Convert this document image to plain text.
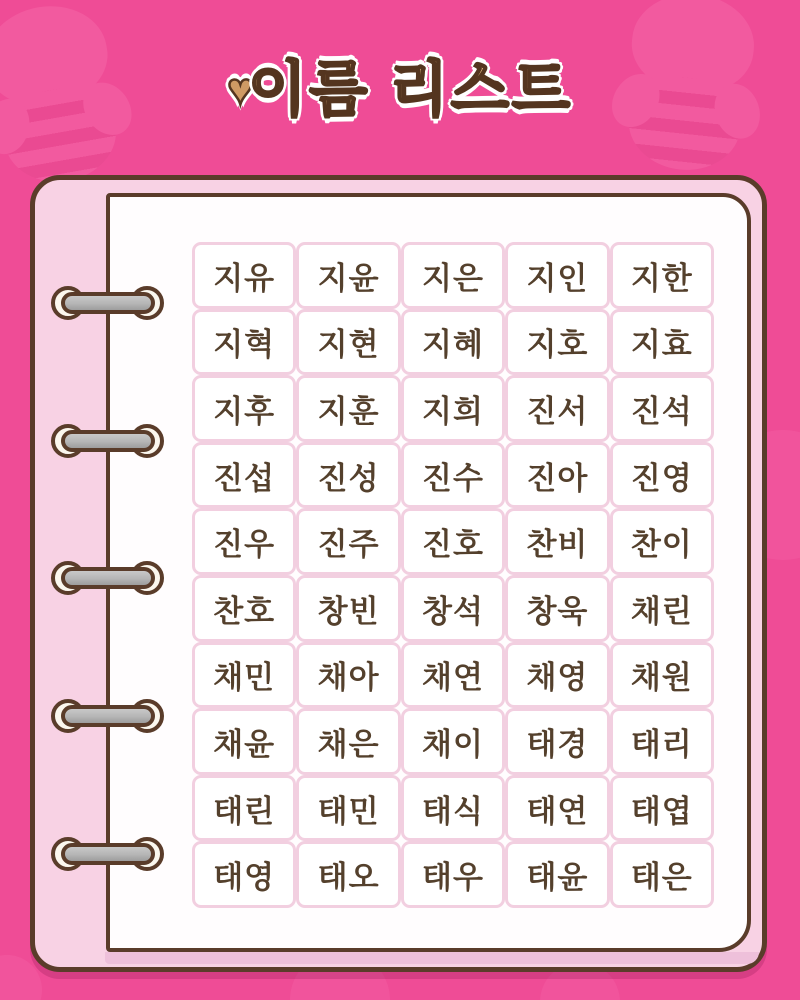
♥이름 리스트
지유	지윤	지은	지인	지한
지혁	지현	지혜	지호	지효
지후	지훈	지희	진서	진석
진섭	진성	진수	진아	진영
진우	진주	진호	찬비	찬이
찬호	창빈	창석	창욱	채린
채민	채아	채연	채영	채원
채윤	채은	채이	태경	태리
태린	태민	태식	태연	태엽
태영	태오	태우	태윤	태은
